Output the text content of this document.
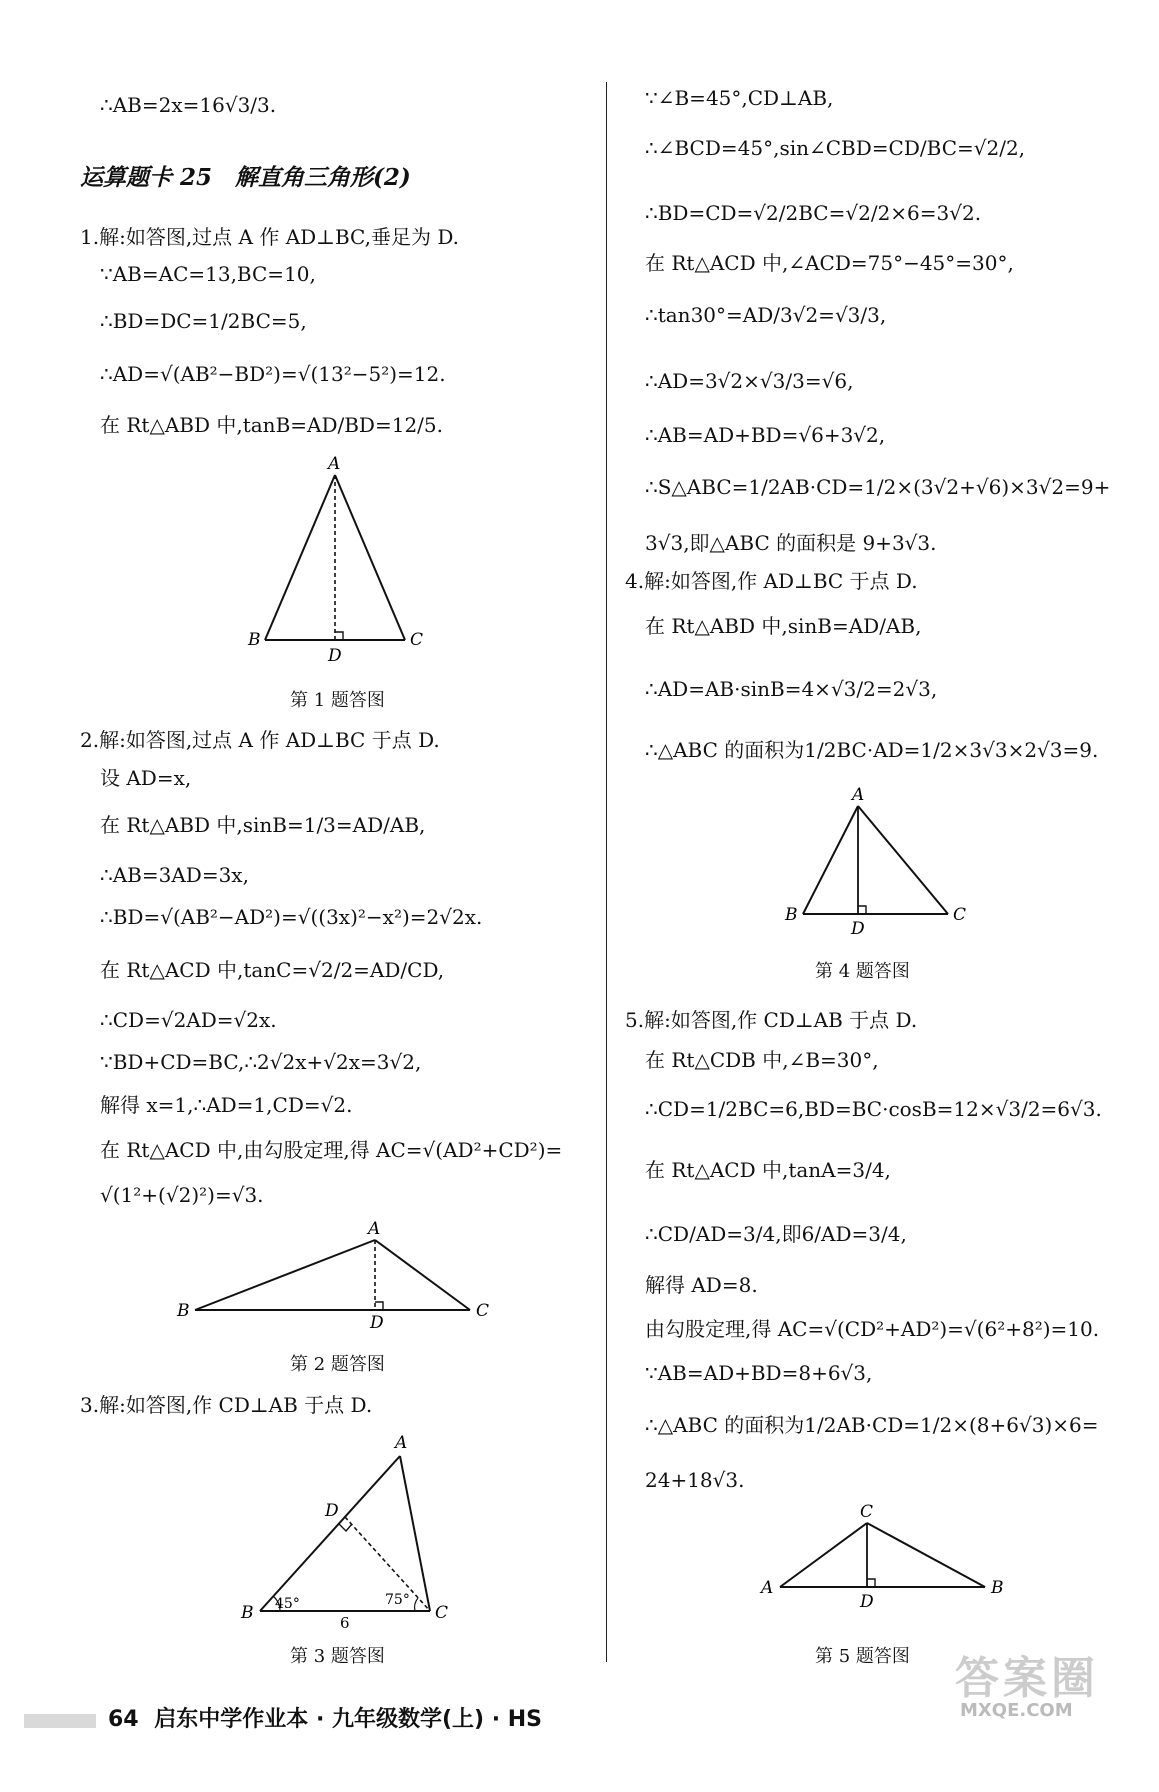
∴AB=2x=16√3/3.
运算题卡 25　解直角三角形(2)
1.解:如答图,过点 A 作 AD⊥BC,垂足为 D.
∵AB=AC=13,BC=10,
∴BD=DC=1/2BC=5,
∴AD=√(AB²−BD²)=√(13²−5²)=12.
在 Rt△ABD 中,tanB=AD/BD=12/5.
A
B	C
D
第 1 题答图
2.解:如答图,过点 A 作 AD⊥BC 于点 D.
设 AD=x,
在 Rt△ABD 中,sinB=1/3=AD/AB,
∴AB=3AD=3x,
∴BD=√(AB²−AD²)=√((3x)²−x²)=2√2x.
在 Rt△ACD 中,tanC=√2/2=AD/CD,
∴CD=√2AD=√2x.
∵BD+CD=BC,∴2√2x+√2x=3√2,
解得 x=1,∴AD=1,CD=√2.
在 Rt△ACD 中,由勾股定理,得 AC=√(AD²+CD²)=
√(1²+(√2)²)=√3.
A
B	C
D
第 2 题答图
3.解:如答图,作 CD⊥AB 于点 D.
A
B	C
D
6
45°	75°
第 3 题答图
∵∠B=45°,CD⊥AB,
∴∠BCD=45°,sin∠CBD=CD/BC=√2/2,
∴BD=CD=√2/2BC=√2/2×6=3√2.
在 Rt△ACD 中,∠ACD=75°−45°=30°,
∴tan30°=AD/3√2=√3/3,
∴AD=3√2×√3/3=√6,
∴AB=AD+BD=√6+3√2,
∴S△ABC=1/2AB·CD=1/2×(3√2+√6)×3√2=9+
3√3,即△ABC 的面积是 9+3√3.
4.解:如答图,作 AD⊥BC 于点 D.
在 Rt△ABD 中,sinB=AD/AB,
∴AD=AB·sinB=4×√3/2=2√3,
∴△ABC 的面积为1/2BC·AD=1/2×3√3×2√3=9.
A
B	C
D
第 4 题答图
5.解:如答图,作 CD⊥AB 于点 D.
在 Rt△CDB 中,∠B=30°,
∴CD=1/2BC=6,BD=BC·cosB=12×√3/2=6√3.
在 Rt△ACD 中,tanA=3/4,
∴CD/AD=3/4,即6/AD=3/4,
解得 AD=8.
由勾股定理,得 AC=√(CD²+AD²)=√(6²+8²)=10.
∵AB=AD+BD=8+6√3,
∴△ABC 的面积为1/2AB·CD=1/2×(8+6√3)×6=
24+18√3.
C
A	B
D
第 5 题答图
64 启东中学作业本 · 九年级数学(上) · HS
答案圈
MXQE.COM
